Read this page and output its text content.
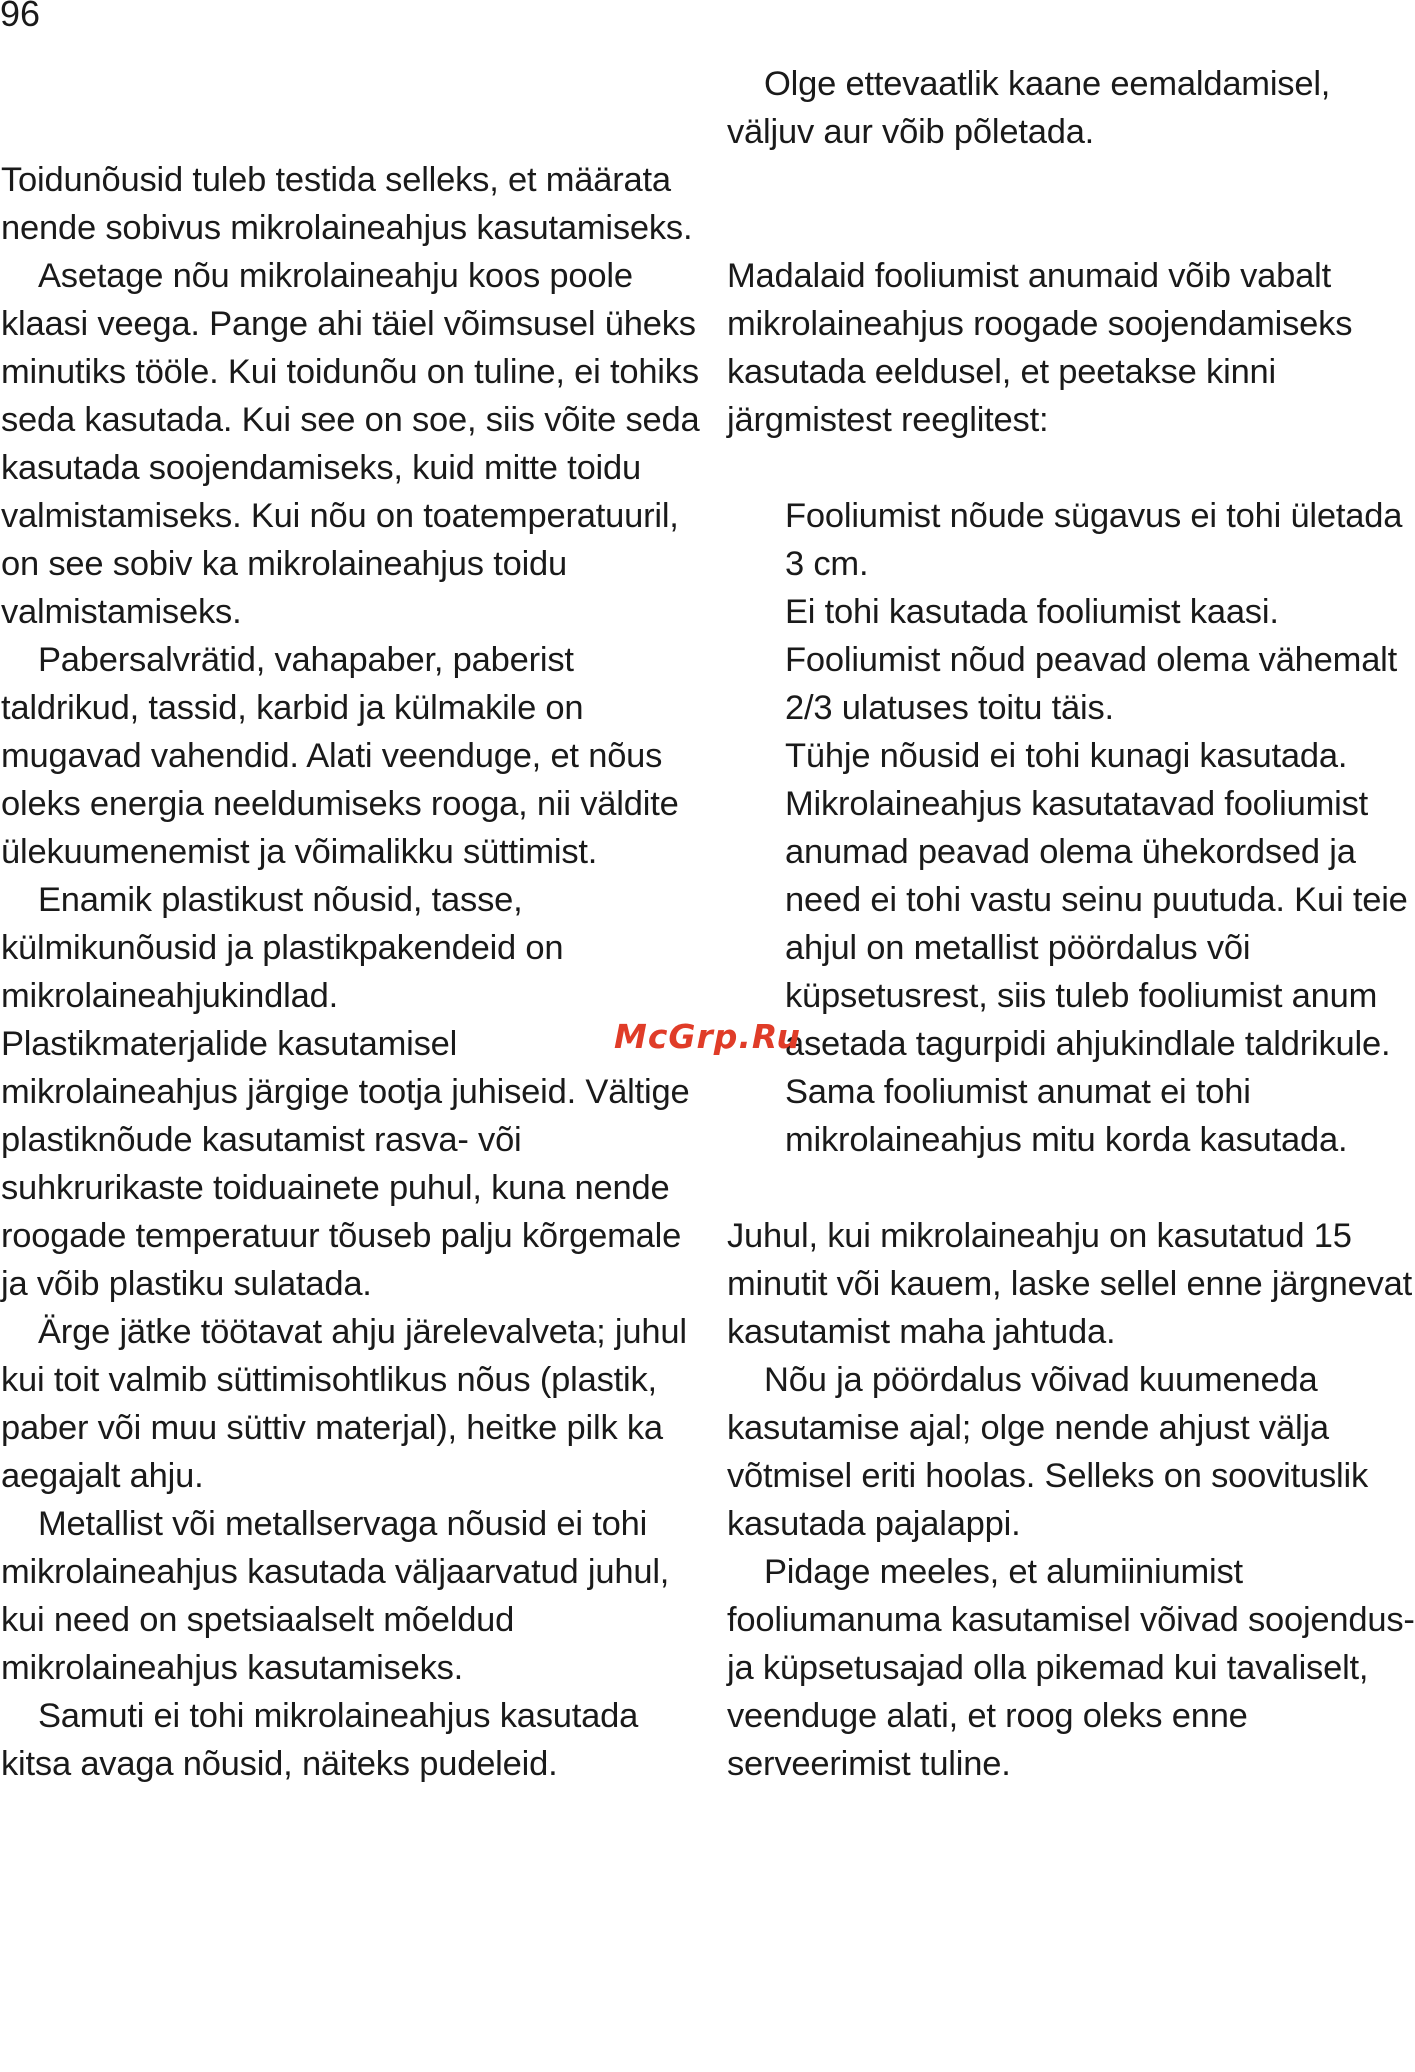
96

Toidunõusid tuleb testida selleks, et määrata nende sobivus mikrolaineahjus kasutamiseks.

Asetage nõu mikrolaineahju koos poole klaasi veega. Pange ahi täiel võimsusel üheks minutiks tööle. Kui toidunõu on tuline, ei tohiks seda kasutada. Kui see on soe, siis võite seda kasutada soojendamiseks, kuid mitte toidu valmistamiseks. Kui nõu on toatemperatuuril, on see sobiv ka mikrolaineahjus toidu valmistamiseks.

Pabersalvrätid, vahapaber, paberist taldrikud, tassid, karbid ja külmakile on mugavad vahendid. Alati veenduge, et nõus oleks energia neeldumiseks rooga, nii väldite ülekuumenemist ja võimalikku süttimist.

Enamik plastikust nõusid, tasse, külmikunõusid ja plastikpakendeid on mikrolaineahjukindlad.

Plastikmaterjalide kasutamisel mikrolaineahjus järgige tootja juhiseid. Vältige plastiknõude kasutamist rasva- või suhkrurikaste toiduainete puhul, kuna nende roogade temperatuur tõuseb palju kõrgemale ja võib plastiku sulatada.

Ärge jätke töötavat ahju järelevalveta; juhul kui toit valmib süttimisohtlikus nõus (plastik, paber või muu süttiv materjal), heitke pilk ka aegajalt ahju.

Metallist või metallservaga nõusid ei tohi mikrolaineahjus kasutada väljaarvatud juhul, kui need on spetsiaalselt mõeldud mikrolaineahjus kasutamiseks.

Samuti ei tohi mikrolaineahjus kasutada kitsa avaga nõusid, näiteks pudeleid.

Olge ettevaatlik kaane eemaldamisel, väljuv aur võib põletada.

Madalaid fooliumist anumaid võib vabalt mikrolaineahjus roogade soojendamiseks kasutada eeldusel, et peetakse kinni järgmistest reeglitest:

Fooliumist nõude sügavus ei tohi ületada 3 cm.
Ei tohi kasutada fooliumist kaasi.
Fooliumist nõud peavad olema vähemalt 2/3 ulatuses toitu täis.
Tühje nõusid ei tohi kunagi kasutada.
Mikrolaineahjus kasutatavad fooliumist anumad peavad olema ühekordsed ja need ei tohi vastu seinu puutuda. Kui teie ahjul on metallist pöördalus või küpsetusrest, siis tuleb fooliumist anum asetada tagurpidi ahjukindlale taldrikule.
Sama fooliumist anumat ei tohi mikrolaineahjus mitu korda kasutada.

Juhul, kui mikrolaineahju on kasutatud 15 minutit või kauem, laske sellel enne järgnevat kasutamist maha jahtuda.

Nõu ja pöördalus võivad kuumeneda kasutamise ajal; olge nende ahjust välja võtmisel eriti hoolas. Selleks on soovituslik kasutada pajalappi.

Pidage meeles, et alumiiniumist fooliumanuma kasutamisel võivad soojendus- ja küpsetusajad olla pikemad kui tavaliselt, veenduge alati, et roog oleks enne serveerimist tuline.

McGrp.Ru
